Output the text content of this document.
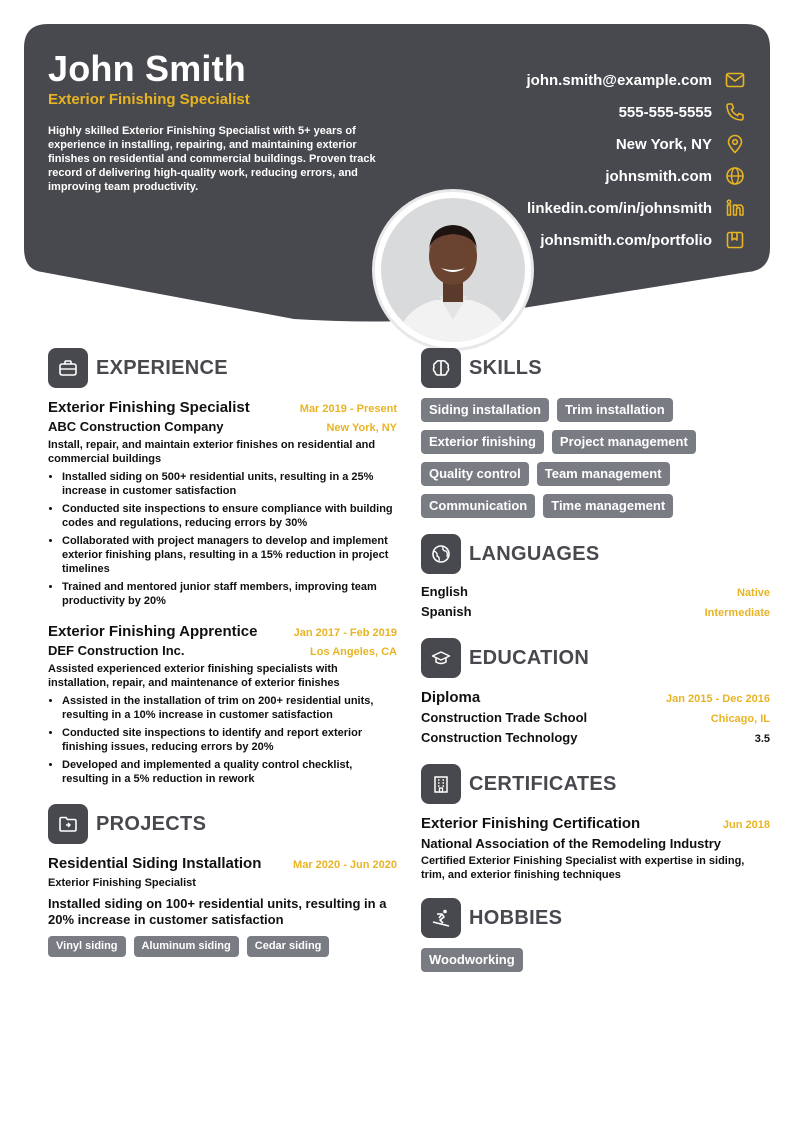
John Smith
Exterior Finishing Specialist
Highly skilled Exterior Finishing Specialist with 5+ years of experience in installing, repairing, and maintaining exterior finishes on residential and commercial buildings. Proven track record of delivering high-quality work, reducing errors, and improving team productivity.
john.smith@example.com
555-555-5555
New York, NY
johnsmith.com
linkedin.com/in/johnsmith
johnsmith.com/portfolio
EXPERIENCE
Exterior Finishing Specialist	Mar 2019 - Present
ABC Construction Company	New York, NY
Install, repair, and maintain exterior finishes on residential and commercial buildings
• Installed siding on 500+ residential units, resulting in a 25% increase in customer satisfaction
• Conducted site inspections to ensure compliance with building codes and regulations, reducing errors by 30%
• Collaborated with project managers to develop and implement exterior finishing plans, resulting in a 15% reduction in project timelines
• Trained and mentored junior staff members, improving team productivity by 20%
Exterior Finishing Apprentice	Jan 2017 - Feb 2019
DEF Construction Inc.	Los Angeles, CA
Assisted experienced exterior finishing specialists with installation, repair, and maintenance of exterior finishes
• Assisted in the installation of trim on 200+ residential units, resulting in a 10% increase in customer satisfaction
• Conducted site inspections to identify and report exterior finishing issues, reducing errors by 20%
• Developed and implemented a quality control checklist, resulting in a 5% reduction in rework
PROJECTS
Residential Siding Installation	Mar 2020 - Jun 2020
Exterior Finishing Specialist
Installed siding on 100+ residential units, resulting in a 20% increase in customer satisfaction
Vinyl siding Aluminum siding Cedar siding
SKILLS
Siding installation Trim installation
Exterior finishing Project management
Quality control Team management
Communication Time management
LANGUAGES
English	Native
Spanish	Intermediate
EDUCATION
Diploma	Jan 2015 - Dec 2016
Construction Trade School	Chicago, IL
Construction Technology	3.5
CERTIFICATES
Exterior Finishing Certification	Jun 2018
National Association of the Remodeling Industry
Certified Exterior Finishing Specialist with expertise in siding, trim, and exterior finishing techniques
HOBBIES
Woodworking
